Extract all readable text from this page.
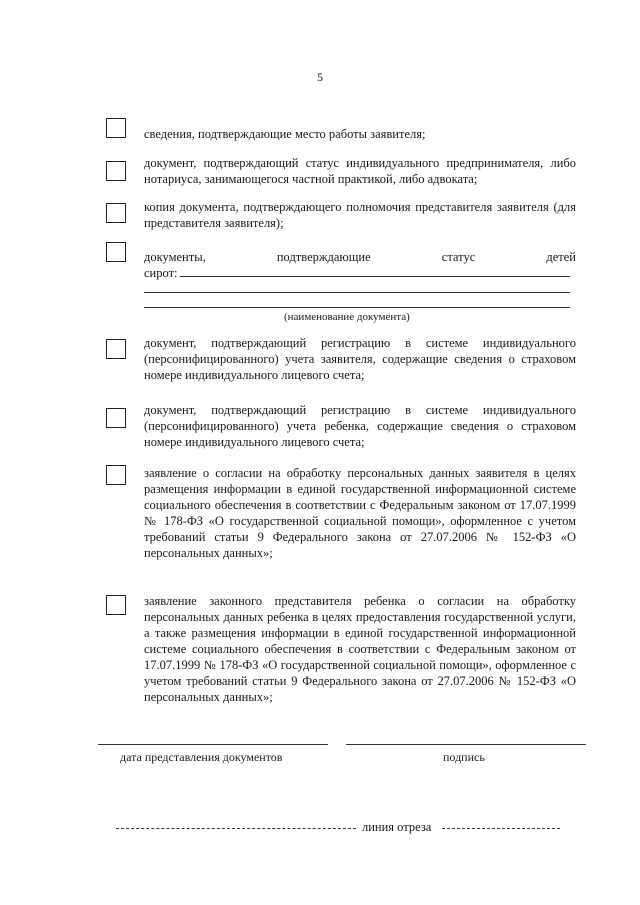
5
сведения, подтверждающие место работы заявителя;
документ, подтверждающий статус индивидуального предпринимателя, либо нотариуса, занимающегося частной практикой, либо адвоката;
копия документа, подтверждающего полномочия представителя заявителя (для представителя заявителя);
документы,	подтверждающие	статус	детей
сирот:
(наименование документа)
документ, подтверждающий регистрацию в системе индивидуального (персонифицированного) учета заявителя, содержащие сведения о страховом номере индивидуального лицевого счета;
документ, подтверждающий регистрацию в системе индивидуального (персонифицированного) учета ребенка, содержащие сведения о страховом номере индивидуального лицевого счета;
заявление о согласии на обработку персональных данных заявителя в целях размещения информации в единой государственной информационной системе социального обеспечения в соответствии с Федеральным законом от 17.07.1999 № 178-ФЗ «О государственной социальной помощи», оформленное с учетом требований статьи 9 Федерального закона от 27.07.2006 № 152-ФЗ «О персональных данных»;
заявление законного представителя ребенка о согласии на обработку персональных данных ребенка в целях предоставления государственной услуги, а также размещения информации в единой государственной информационной системе социального обеспечения в соответствии с Федеральным законом от 17.07.1999 № 178-ФЗ «О государственной социальной помощи», оформленное с учетом требований статьи 9 Федерального закона от 27.07.2006 № 152-ФЗ «О персональных данных»;
дата представления документов	подпись
линия отреза
